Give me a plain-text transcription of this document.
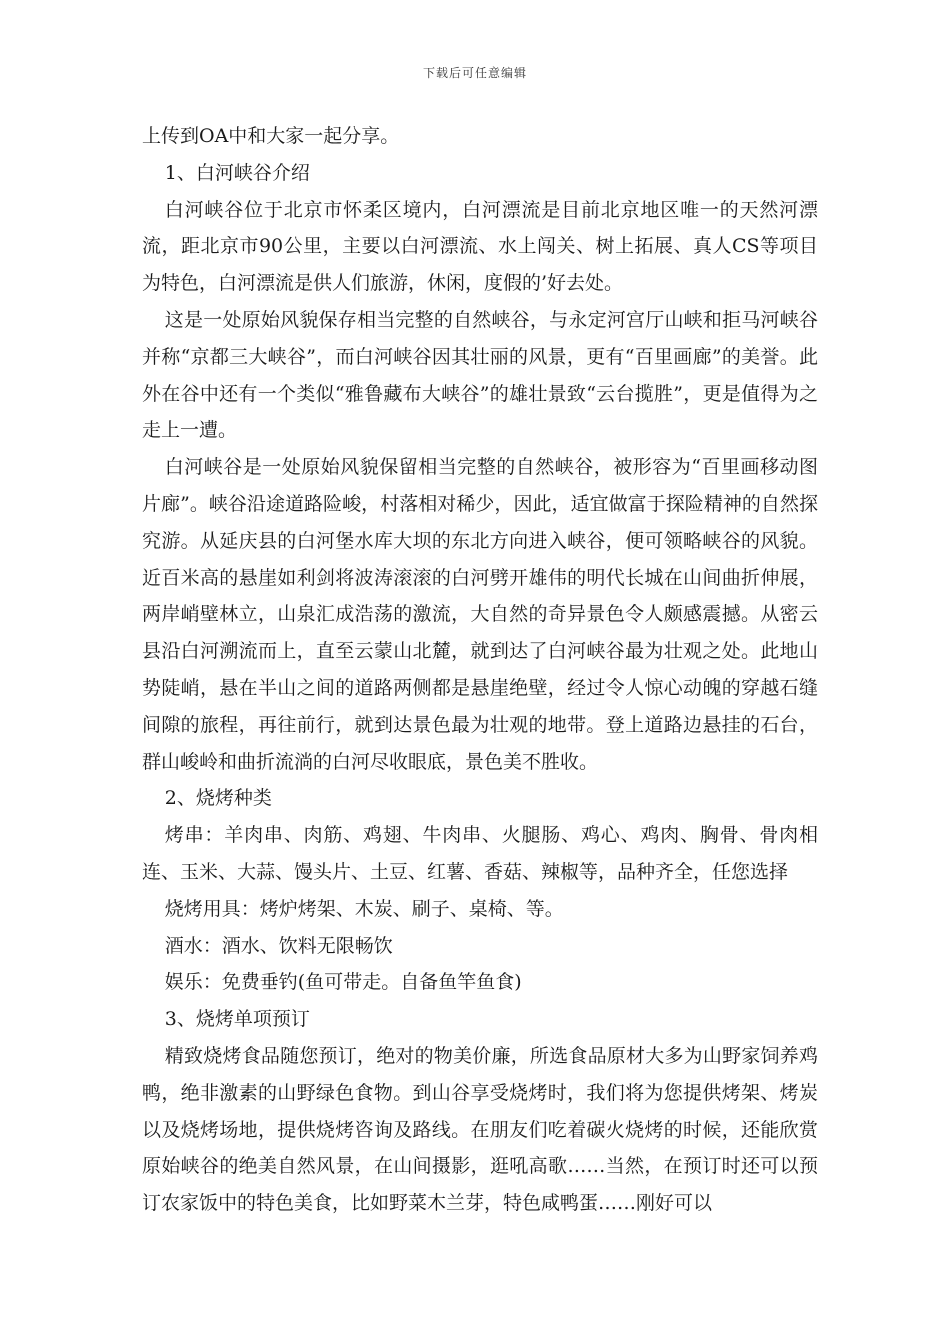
下载后可任意编辑

上传到OA中和大家一起分享。

1、白河峡谷介绍

白河峡谷位于北京市怀柔区境内，白河漂流是目前北京地区唯一的天然河漂流，距北京市90公里，主要以白河漂流、水上闯关、树上拓展、真人CS等项目为特色，白河漂流是供人们旅游，休闲，度假的’好去处。

这是一处原始风貌保存相当完整的自然峡谷，与永定河宫厅山峡和拒马河峡谷并称“京都三大峡谷”，而白河峡谷因其壮丽的风景，更有“百里画廊”的美誉。此外在谷中还有一个类似“雅鲁藏布大峡谷”的雄壮景致“云台揽胜”，更是值得为之走上一遭。

白河峡谷是一处原始风貌保留相当完整的自然峡谷，被形容为“百里画移动图片廊”。峡谷沿途道路险峻，村落相对稀少，因此，适宜做富于探险精神的自然探究游。从延庆县的白河堡水库大坝的东北方向进入峡谷，便可领略峡谷的风貌。近百米高的悬崖如利剑将波涛滚滚的白河劈开雄伟的明代长城在山间曲折伸展，两岸峭壁林立，山泉汇成浩荡的激流，大自然的奇异景色令人颇感震撼。从密云县沿白河溯流而上，直至云蒙山北麓，就到达了白河峡谷最为壮观之处。此地山势陡峭，悬在半山之间的道路两侧都是悬崖绝壁，经过令人惊心动魄的穿越石缝间隙的旅程，再往前行，就到达景色最为壮观的地带。登上道路边悬挂的石台，群山峻岭和曲折流淌的白河尽收眼底，景色美不胜收。

2、烧烤种类

烤串：羊肉串、肉筋、鸡翅、牛肉串、火腿肠、鸡心、鸡肉、胸骨、骨肉相连、玉米、大蒜、馒头片、土豆、红薯、香菇、辣椒等，品种齐全，任您选择

烧烤用具：烤炉烤架、木炭、刷子、桌椅、等。

酒水：酒水、饮料无限畅饮

娱乐：免费垂钓(鱼可带走。自备鱼竿鱼食)

3、烧烤单项预订

精致烧烤食品随您预订，绝对的物美价廉，所选食品原材大多为山野家饲养鸡鸭，绝非激素的山野绿色食物。到山谷享受烧烤时，我们将为您提供烤架、烤炭以及烧烤场地，提供烧烤咨询及路线。在朋友们吃着碳火烧烤的时候，还能欣赏原始峡谷的绝美自然风景，在山间摄影，逛吼高歌……当然，在预订时还可以预订农家饭中的特色美食，比如野菜木兰芽，特色咸鸭蛋……刚好可以
